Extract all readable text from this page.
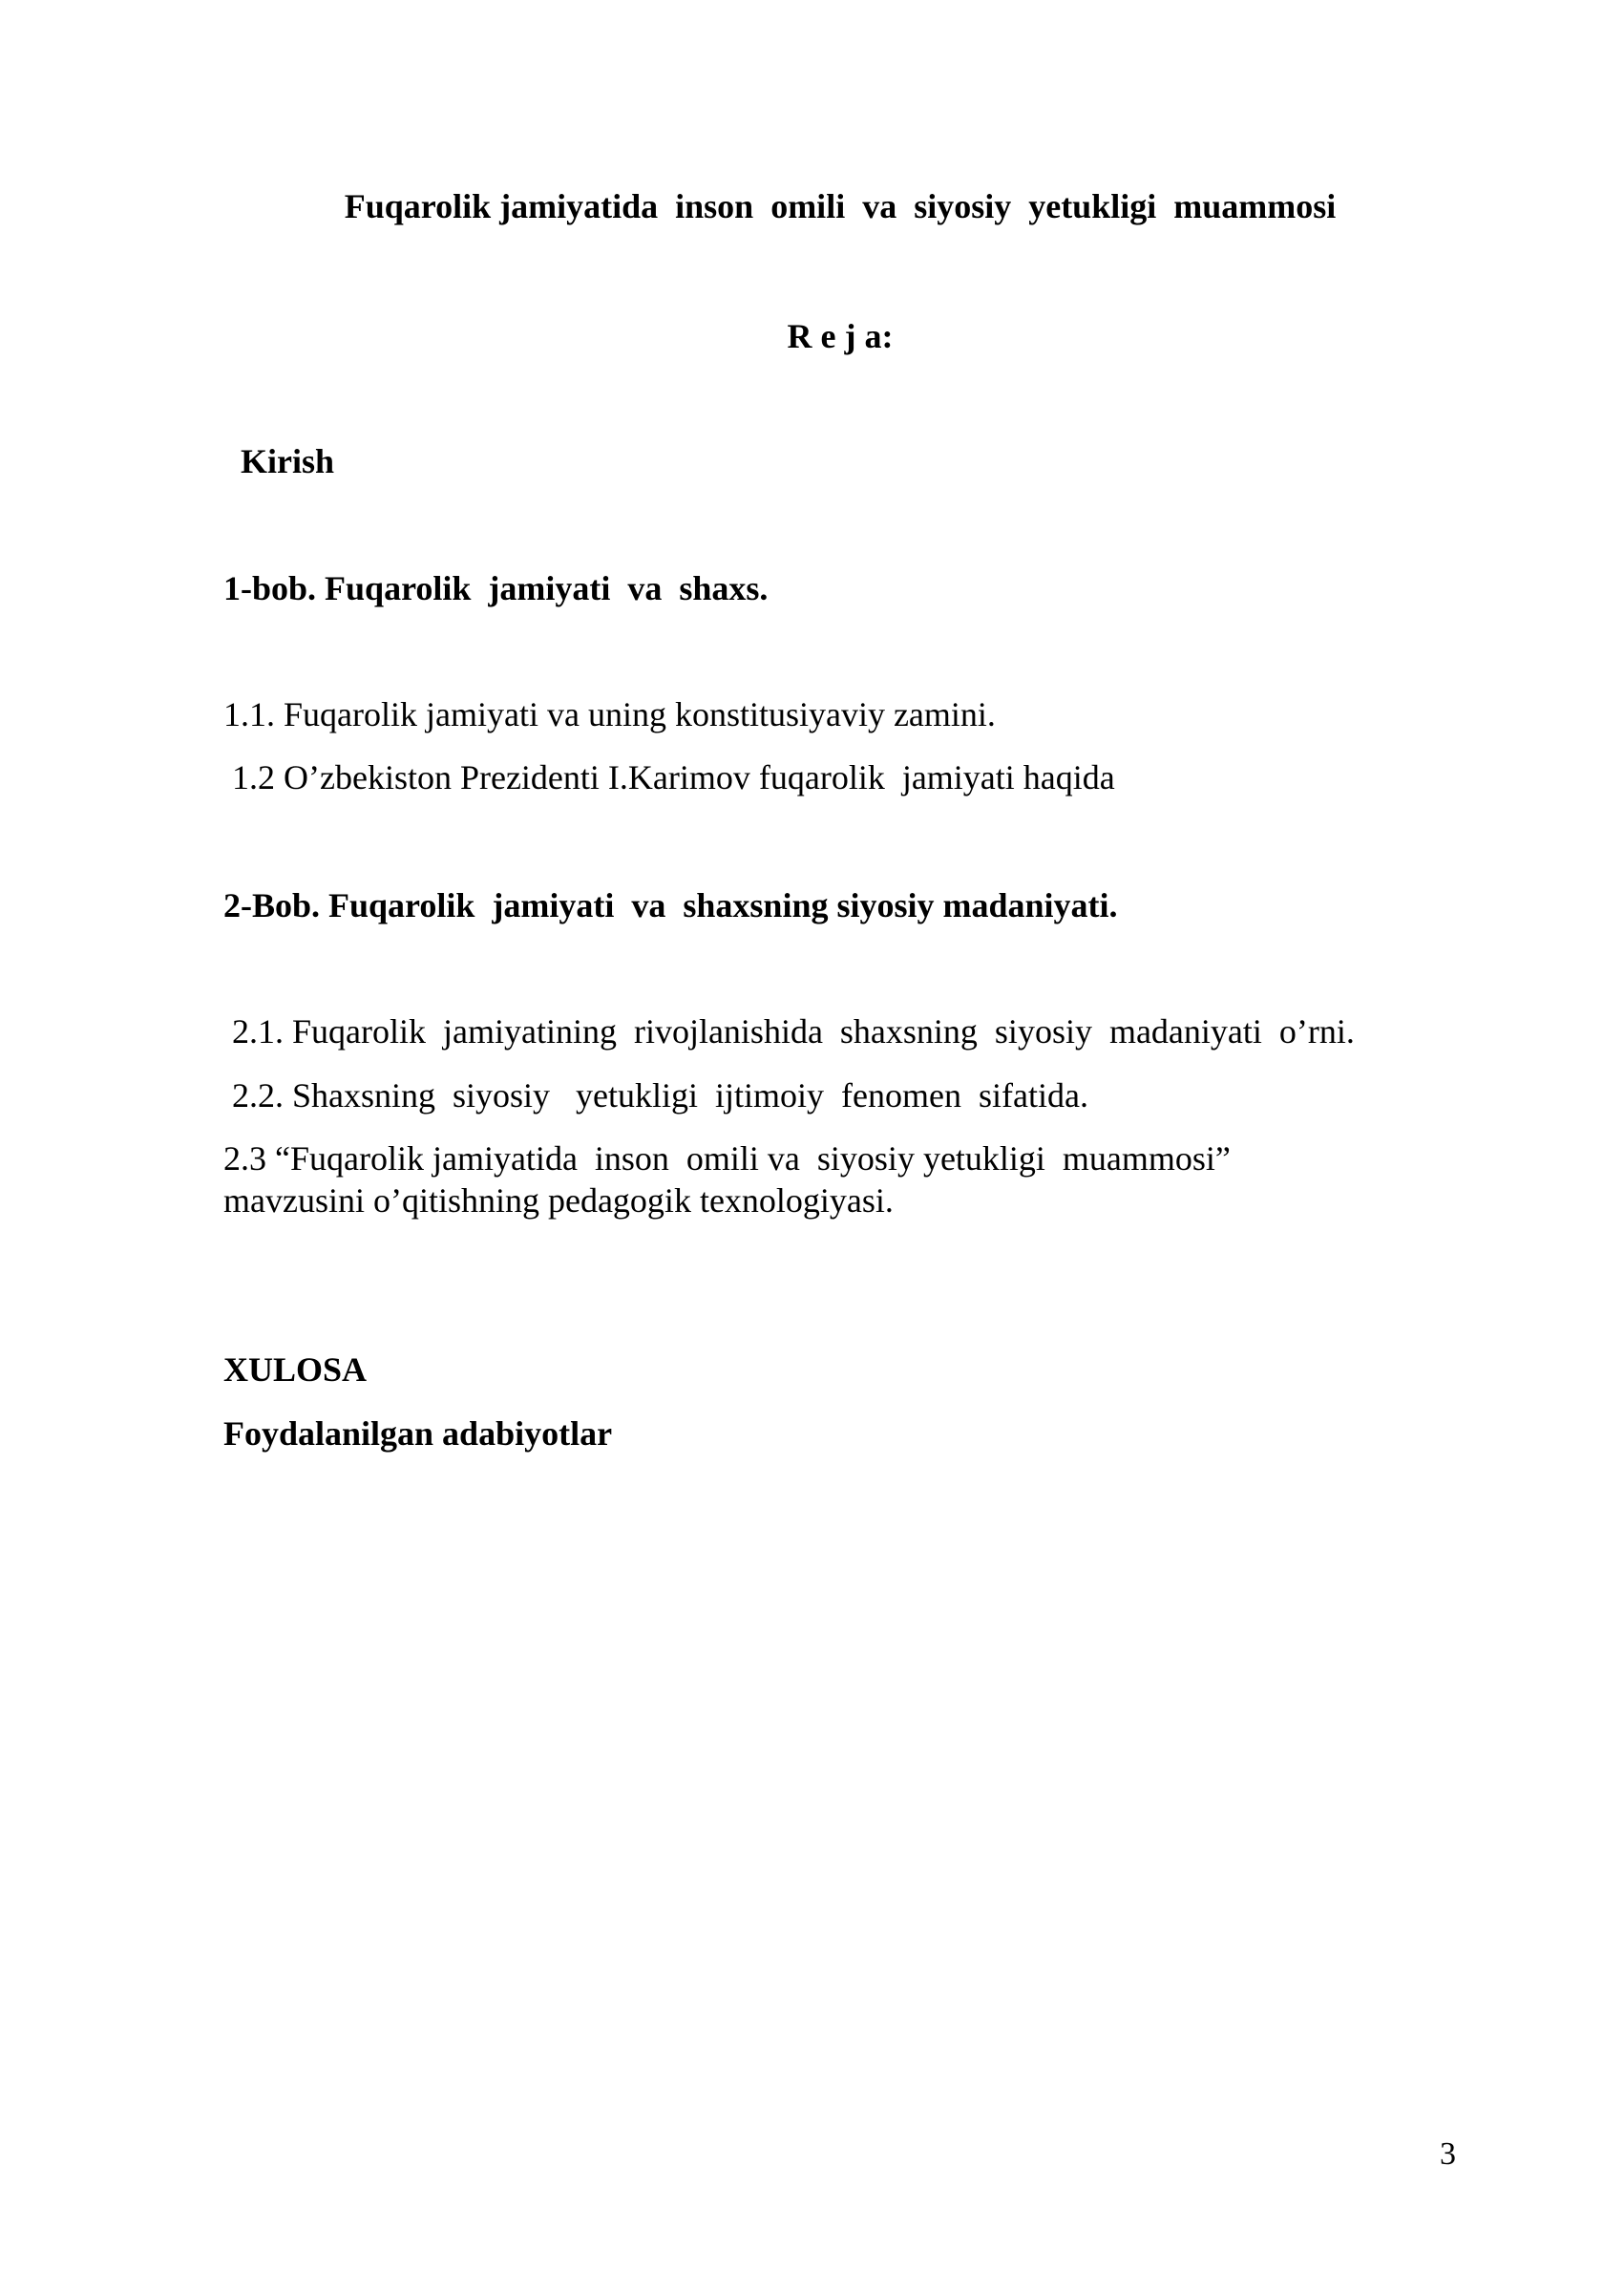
Fuqarolik jamiyatida  inson  omili  va  siyosiy  yetukligi  muammosi
R e j a:
Kirish
1-bob. Fuqarolik  jamiyati  va  shaxs.
1.1. Fuqarolik jamiyati va uning konstitusiyaviy zamini.
1.2 O’zbekiston Prezidenti I.Karimov fuqarolik  jamiyati haqida
2-Bob. Fuqarolik  jamiyati  va  shaxsning siyosiy madaniyati.
2.1. Fuqarolik  jamiyatining  rivojlanishida  shaxsning  siyosiy  madaniyati  o’rni.
2.2. Shaxsning  siyosiy   yetukligi  ijtimoiy  fenomen  sifatida.
2.3 “Fuqarolik jamiyatida  inson  omili va  siyosiy yetukligi  muammosi”
mavzusini o’qitishning pedagogik texnologiyasi.
XULOSA
Foydalanilgan adabiyotlar
3
